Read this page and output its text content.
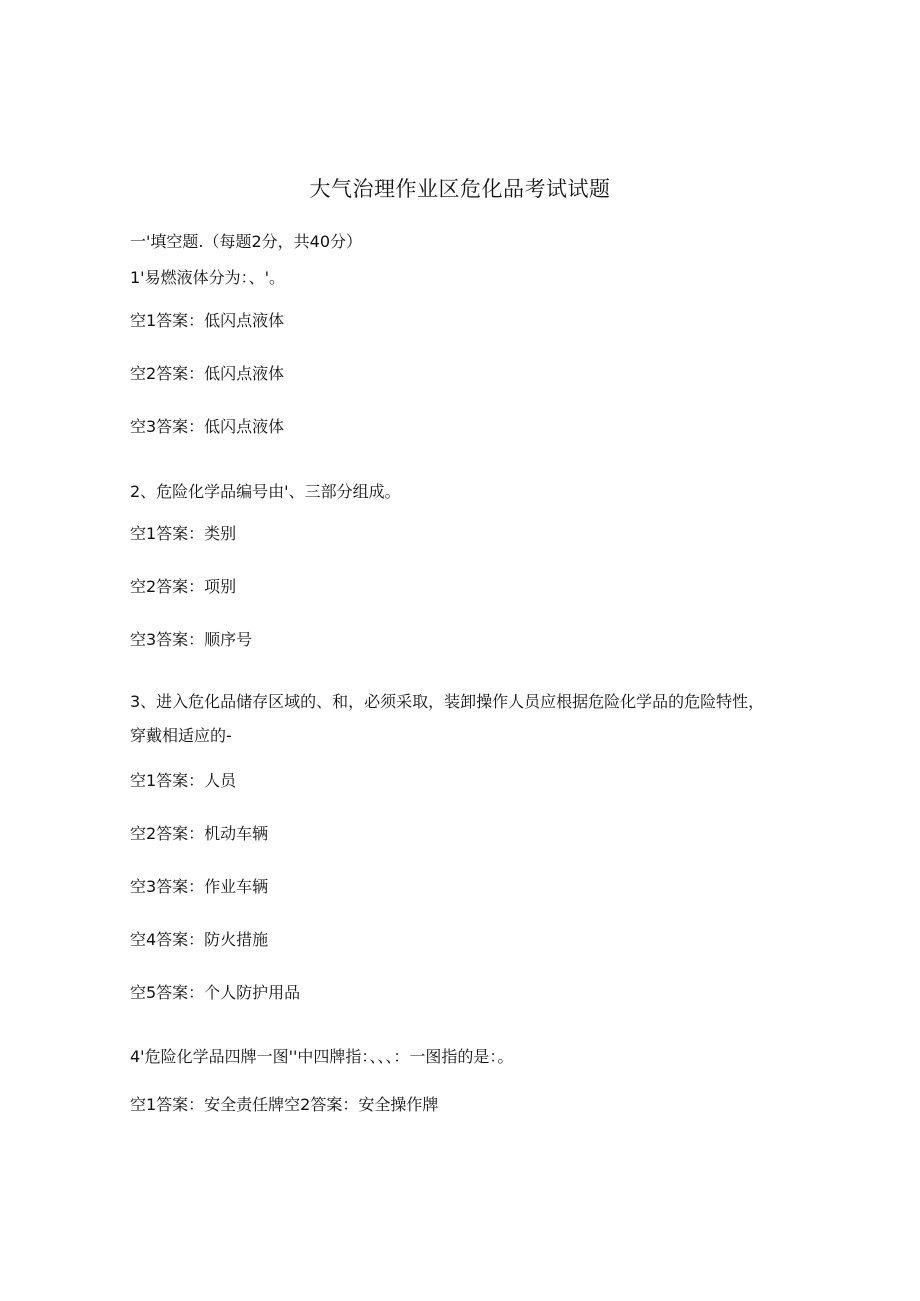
大气治理作业区危化品考试试题
一'填空题.（每题2分，共40分）
1'易燃液体分为：、'。
空1答案：低闪点液体
空2答案：低闪点液体
空3答案：低闪点液体
2、危险化学品编号由'、三部分组成。
空1答案：类别
空2答案：项别
空3答案：顺序号
3、进入危化品储存区域的、和，必须采取，装卸操作人员应根据危险化学品的危险特性，穿戴相适应的-
空1答案：人员
空2答案：机动车辆
空3答案：作业车辆
空4答案：防火措施
空5答案：个人防护用品
4'危险化学品四牌一图''中四牌指：、、、：一图指的是：。
空1答案：安全责任牌空2答案：安全操作牌
